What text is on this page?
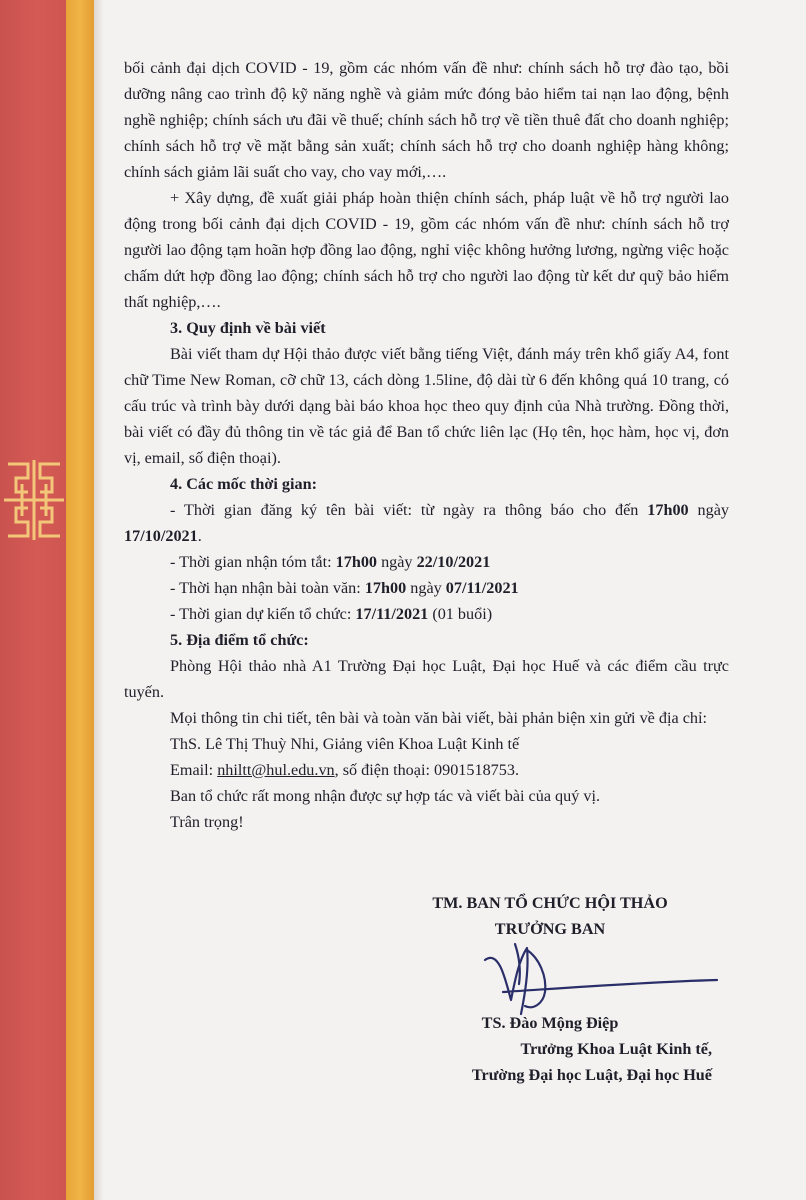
bối cảnh đại dịch COVID - 19, gồm các nhóm vấn đề như: chính sách hỗ trợ đào tạo, bồi dưỡng nâng cao trình độ kỹ năng nghề và giảm mức đóng bảo hiểm tai nạn lao động, bệnh nghề nghiệp; chính sách ưu đãi về thuế; chính sách hỗ trợ về tiền thuê đất cho doanh nghiệp; chính sách hỗ trợ về mặt bằng sản xuất; chính sách hỗ trợ cho doanh nghiệp hàng không; chính sách giảm lãi suất cho vay, cho vay mới,….

+ Xây dựng, đề xuất giải pháp hoàn thiện chính sách, pháp luật về hỗ trợ người lao động trong bối cảnh đại dịch COVID - 19, gồm các nhóm vấn đề như: chính sách hỗ trợ người lao động tạm hoãn hợp đồng lao động, nghỉ việc không hưởng lương, ngừng việc hoặc chấm dứt hợp đồng lao động; chính sách hỗ trợ cho người lao động từ kết dư quỹ bảo hiểm thất nghiệp,….

3. Quy định về bài viết

Bài viết tham dự Hội thảo được viết bằng tiếng Việt, đánh máy trên khổ giấy A4, font chữ Time New Roman, cỡ chữ 13, cách dòng 1.5line, độ dài từ 6 đến không quá 10 trang, có cấu trúc và trình bày dưới dạng bài báo khoa học theo quy định của Nhà trường. Đồng thời, bài viết có đầy đủ thông tin về tác giả để Ban tổ chức liên lạc (Họ tên, học hàm, học vị, đơn vị, email, số điện thoại).

4. Các mốc thời gian:

- Thời gian đăng ký tên bài viết: từ ngày ra thông báo cho đến 17h00 ngày 17/10/2021.

- Thời gian nhận tóm tắt: 17h00 ngày 22/10/2021

- Thời hạn nhận bài toàn văn: 17h00 ngày 07/11/2021

- Thời gian dự kiến tổ chức: 17/11/2021 (01 buổi)

5. Địa điểm tổ chức:

Phòng Hội thảo nhà A1 Trường Đại học Luật, Đại học Huế và các điểm cầu trực tuyến.

Mọi thông tin chi tiết, tên bài và toàn văn bài viết, bài phản biện xin gửi về địa chỉ:

ThS. Lê Thị Thuỳ Nhi, Giảng viên Khoa Luật Kinh tế

Email: nhiltt@hul.edu.vn, số điện thoại: 0901518753.

Ban tổ chức rất mong nhận được sự hợp tác và viết bài của quý vị.

Trân trọng!

TM. BAN TỔ CHỨC HỘI THẢO
TRƯỞNG BAN
TS. Đào Mộng Điệp
Trưởng Khoa Luật Kinh tế,
Trường Đại học Luật, Đại học Huế
